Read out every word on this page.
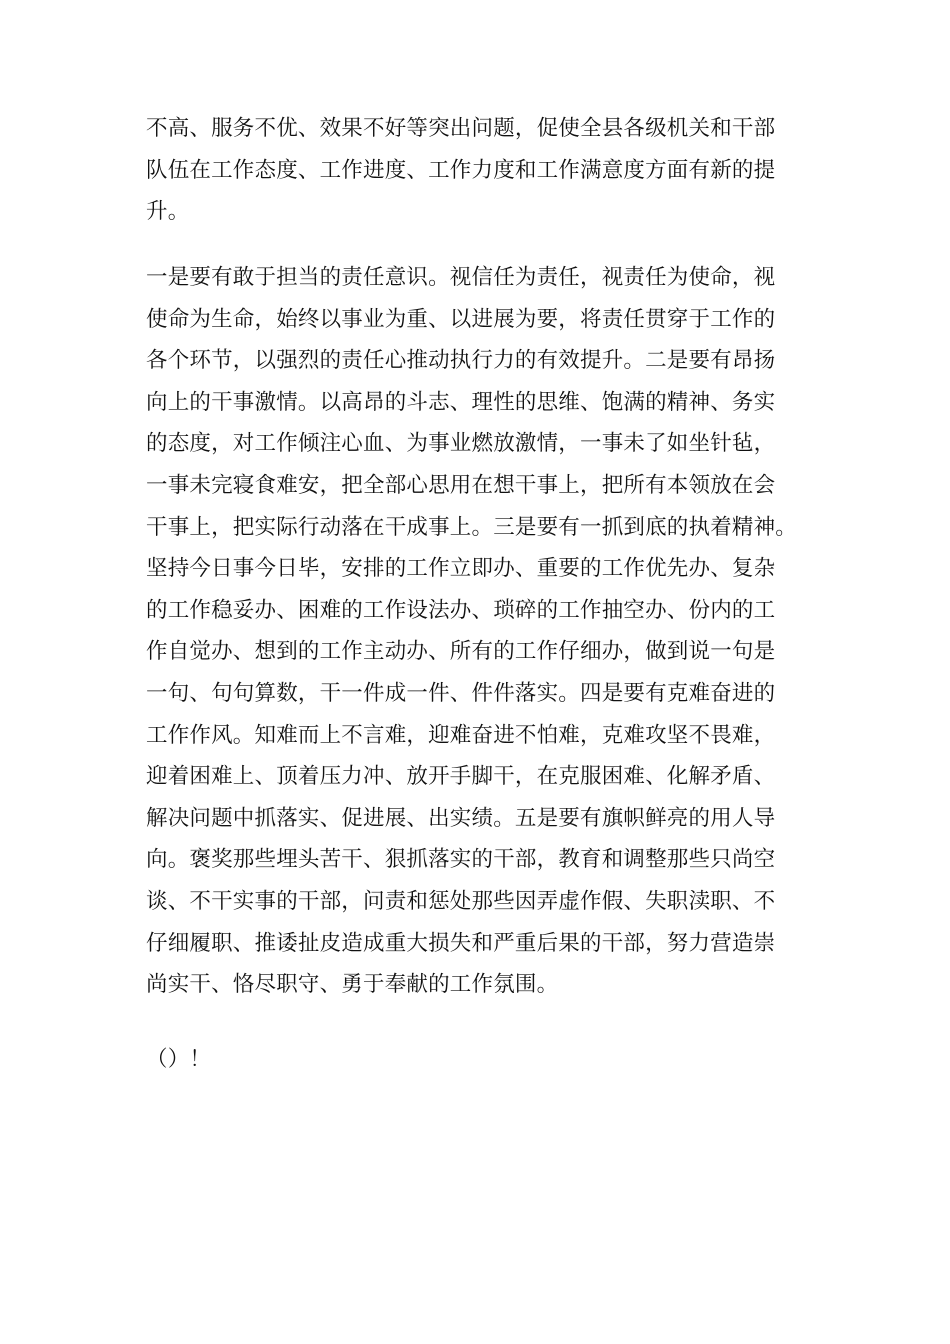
不高、服务不优、效果不好等突出问题，促使全县各级机关和干部
队伍在工作态度、工作进度、工作力度和工作满意度方面有新的提
升。
一是要有敢于担当的责任意识。视信任为责任，视责任为使命，视
使命为生命，始终以事业为重、以进展为要，将责任贯穿于工作的
各个环节，以强烈的责任心推动执行力的有效提升。二是要有昂扬
向上的干事激情。以高昂的斗志、理性的思维、饱满的精神、务实
的态度，对工作倾注心血、为事业燃放激情，一事未了如坐针毡，
一事未完寝食难安，把全部心思用在想干事上，把所有本领放在会
干事上，把实际行动落在干成事上。三是要有一抓到底的执着精神。
坚持今日事今日毕，安排的工作立即办、重要的工作优先办、复杂
的工作稳妥办、困难的工作设法办、琐碎的工作抽空办、份内的工
作自觉办、想到的工作主动办、所有的工作仔细办，做到说一句是
一句、句句算数，干一件成一件、件件落实。四是要有克难奋进的
工作作风。知难而上不言难，迎难奋进不怕难，克难攻坚不畏难，
迎着困难上、顶着压力冲、放开手脚干，在克服困难、化解矛盾、
解决问题中抓落实、促进展、出实绩。五是要有旗帜鲜亮的用人导
向。褒奖那些埋头苦干、狠抓落实的干部，教育和调整那些只尚空
谈、不干实事的干部，问责和惩处那些因弄虚作假、失职渎职、不
仔细履职、推诿扯皮造成重大损失和严重后果的干部，努力营造崇
尚实干、恪尽职守、勇于奉献的工作氛围。
（）！
